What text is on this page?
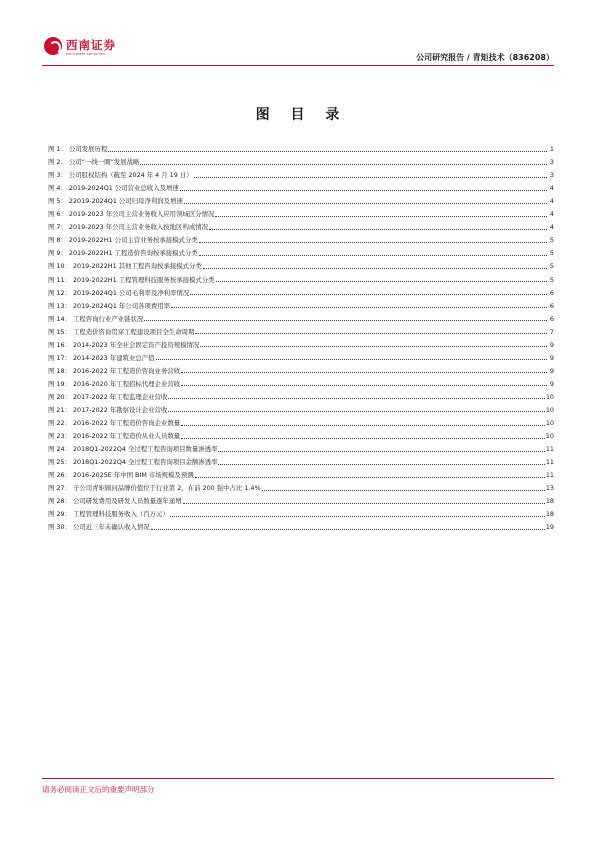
西南证券
SOUTHWEST SECURITIES	公司研究报告 / 青矩技术（836208）
图 目 录
图 1： 公司发展历程	1
图 2： 公司“一线一圈”发展战略	3
图 3： 公司股权结构（截至 2024 年 4 月 19 日）	3
图 4： 2019-2024Q1 公司营业总收入及增速	4
图 5： 22019-2024Q1 公司归母净利润及增速	4
图 6： 2019-2023 年公司主营业务收入应用领域区分情况	4
图 7： 2019-2023 年公司主营业务收入按地区构成情况	4
图 8： 2019-2022H1 公司主营业务按承接模式分类	5
图 9： 2019-2022H1 工程造价咨询按承接模式分类	5
图 10： 2019-2022H1 其他工程咨询按承接模式分类	5
图 11： 2019-2022H1 工程管理科技服务按承接模式分类	5
图 12： 2019-2024Q1 公司毛利率及净利率情况	6
图 13： 2019-2024Q1 年公司各项费用率	6
图 14： 工程咨询行业产业链状况	6
图 15： 工程造价咨询贯穿工程建设项目全生命周期	7
图 16： 2014-2023 年全社会固定资产投资规模情况	9
图 17： 2014-2023 年建筑业总产值	9
图 18： 2016-2022 年工程造价咨询业务营收	9
图 19： 2016-2020 年工程招标代理企业营收	9
图 20： 2017-2022 年工程监理企业营收	10
图 21： 2017-2022 年勘察设计企业营收	10
图 22： 2016-2022 年工程造价咨询企业数量	10
图 23： 2016-2022 年工程造价从业人员数量	10
图 24： 2018Q1-2022Q4 全过程工程咨询项目数量渗透率	11
图 25： 2018Q1-2022Q4 全过程工程咨询项目金额渗透率	11
图 26： 2016-2025E 年中国 BIM 市场规模及预测	11
图 27： 子公司青矩顾问品牌价值位于行业第 2，在前 200 强中占比 1.4%	13
图 28： 公司研发费用及研发人员数量逐年递增	18
图 29： 工程管理科技服务收入（百万元）	18
图 30： 公司近三年未确认收入情况	19
请务必阅读正文后的重要声明部分
